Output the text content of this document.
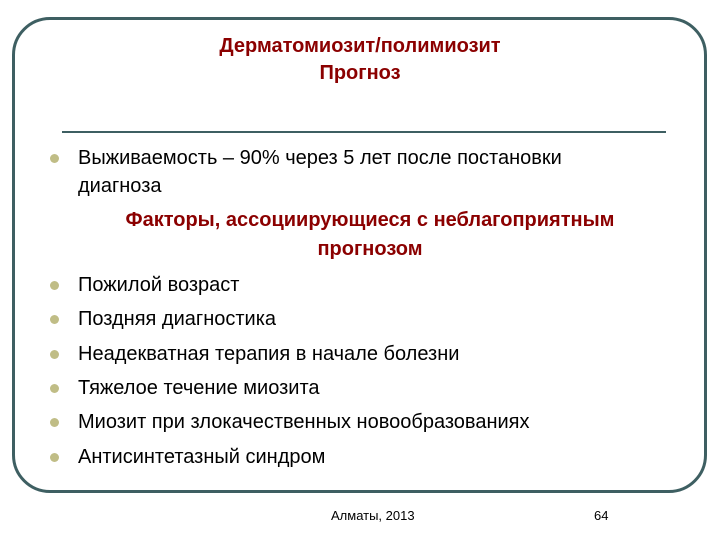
Дерматомиозит/полимиозит
Прогноз
Выживаемость – 90% через 5 лет после постановки
диагноза
Факторы, ассоциирующиеся с неблагоприятным
прогнозом
Пожилой возраст
Поздняя диагностика
Неадекватная терапия в начале болезни
Тяжелое течение миозита
Миозит при злокачественных новообразованиях
Антисинтетазный синдром
Алматы, 2013	64
